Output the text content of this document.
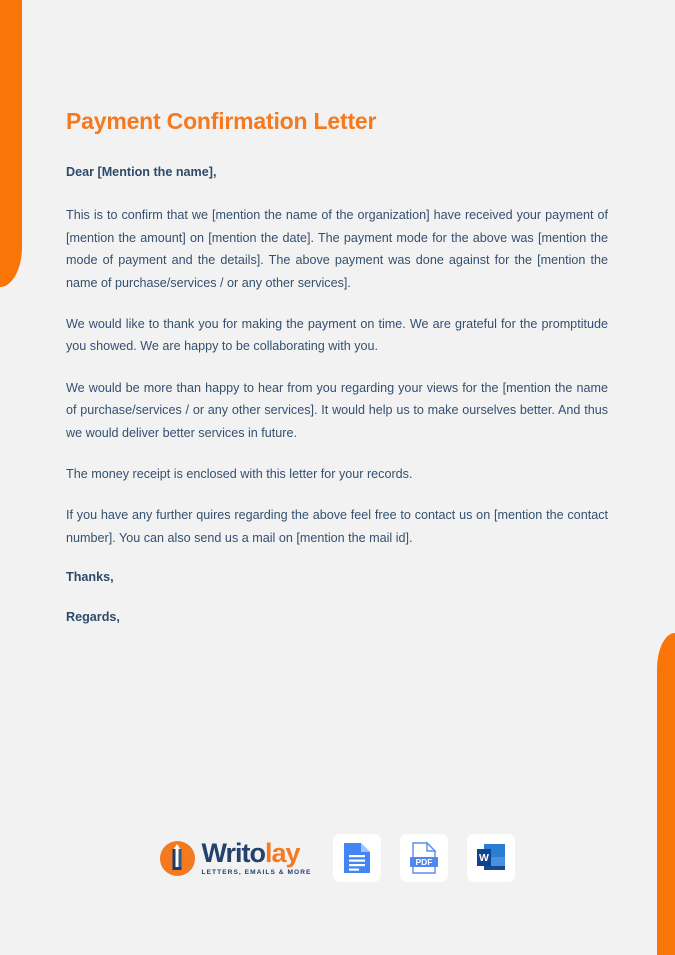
Payment Confirmation Letter

Dear [Mention the name],

This is to confirm that we [mention the name of the organization] have received your payment of [mention the amount] on [mention the date]. The payment mode for the above was [mention the mode of payment and the details]. The above payment was done against for the [mention the name of purchase/services / or any other services].

We would like to thank you for making the payment on time. We are grateful for the promptitude you showed. We are happy to be collaborating with you.

We would be more than happy to hear from you regarding your views for the [mention the name of purchase/services / or any other services]. It would help us to make ourselves better. And thus we would deliver better services in future.

The money receipt is enclosed with this letter for your records.

If you have any further quires regarding the above feel free to contact us on [mention the contact number]. You can also send us a mail on [mention the mail id].

Thanks,

Regards,

Writolay
LETTERS, EMAILS & MORE
PDF	W
